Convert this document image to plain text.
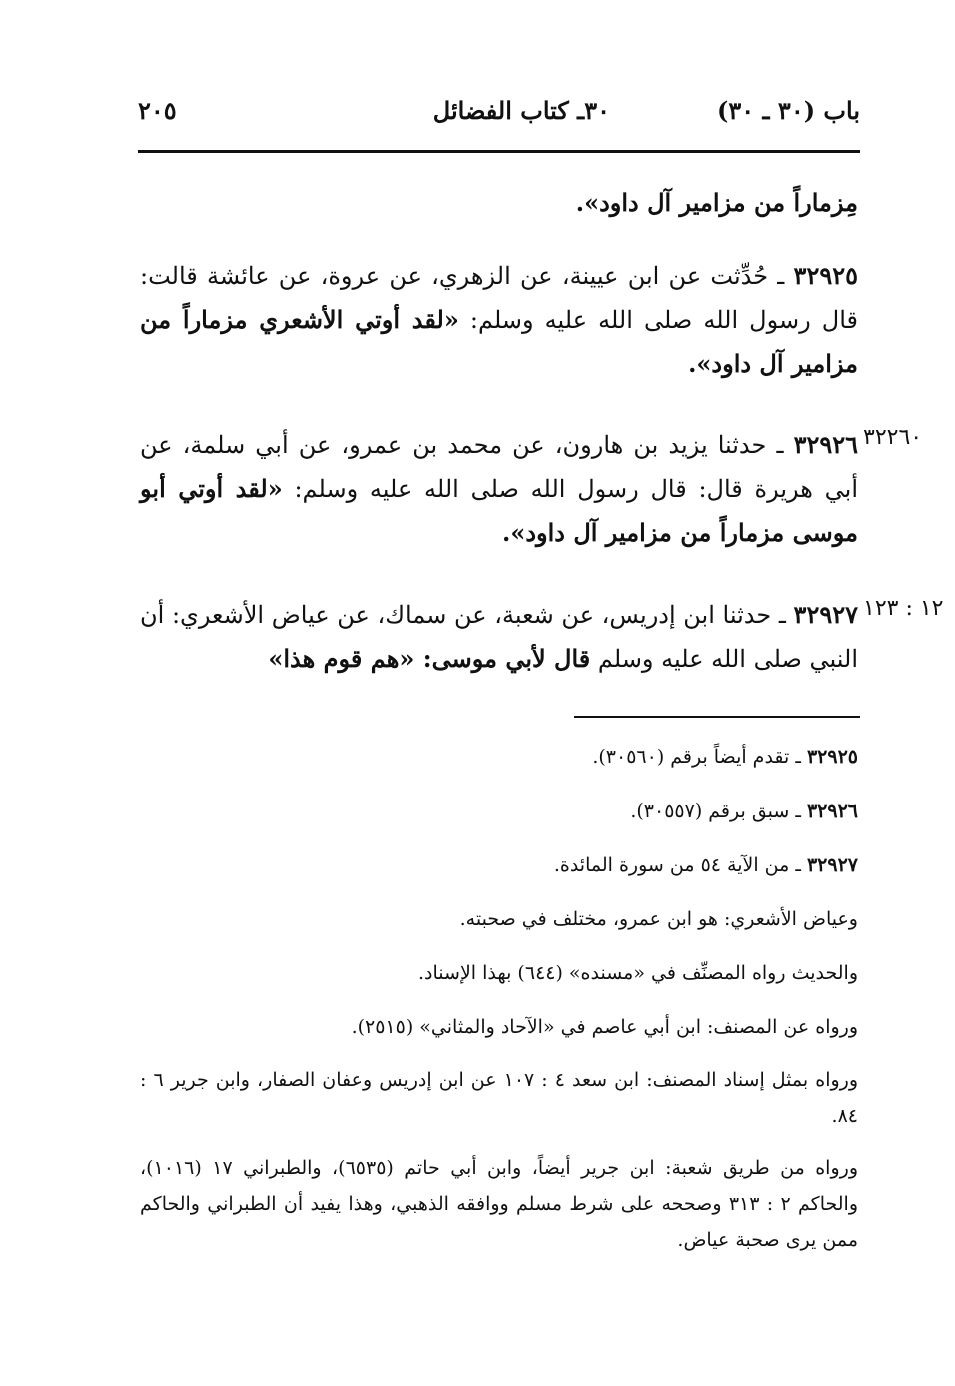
باب (٣٠ ـ ٣٠)
٣٠ـ كتاب الفضائل
٢٠٥

مِزماراً من مزامير آل داود».

٣٢٩٢٥ ـ حُدِّثت عن ابن عيينة، عن الزهري، عن عروة، عن عائشة قالت: قال رسول الله صلى الله عليه وسلم: «لقد أوتي الأشعري مزماراً من مزامير آل داود».

٣٢٩٢٦ ـ حدثنا يزيد بن هارون، عن محمد بن عمرو، عن أبي سلمة، عن أبي هريرة قال: قال رسول الله صلى الله عليه وسلم: «لقد أوتي أبو موسى مزماراً من مزامير آل داود».

٣٢٢٦٠

٣٢٩٢٧ ـ حدثنا ابن إدريس، عن شعبة، عن سماك، عن عياض الأشعري: أن النبي صلى الله عليه وسلم قال لأبي موسى: «هم قوم هذا»

١٢ : ١٢٣

٣٢٩٢٥ ـ تقدم أيضاً برقم (٣٠٥٦٠).

٣٢٩٢٦ ـ سبق برقم (٣٠٥٥٧).

٣٢٩٢٧ ـ من الآية ٥٤ من سورة المائدة.

وعياض الأشعري: هو ابن عمرو، مختلف في صحبته.

والحديث رواه المصنِّف في «مسنده» (٦٤٤) بهذا الإسناد.

ورواه عن المصنف: ابن أبي عاصم في «الآحاد والمثاني» (٢٥١٥).

ورواه بمثل إسناد المصنف: ابن سعد ٤ : ١٠٧ عن ابن إدريس وعفان الصفار، وابن جرير ٦ : ٨٤.

ورواه من طريق شعبة: ابن جرير أيضاً، وابن أبي حاتم (٦٥٣٥)، والطبراني ١٧ (١٠١٦)، والحاكم ٢ : ٣١٣ وصححه على شرط مسلم ووافقه الذهبي، وهذا يفيد أن الطبراني والحاكم ممن يرى صحبة عياض.
